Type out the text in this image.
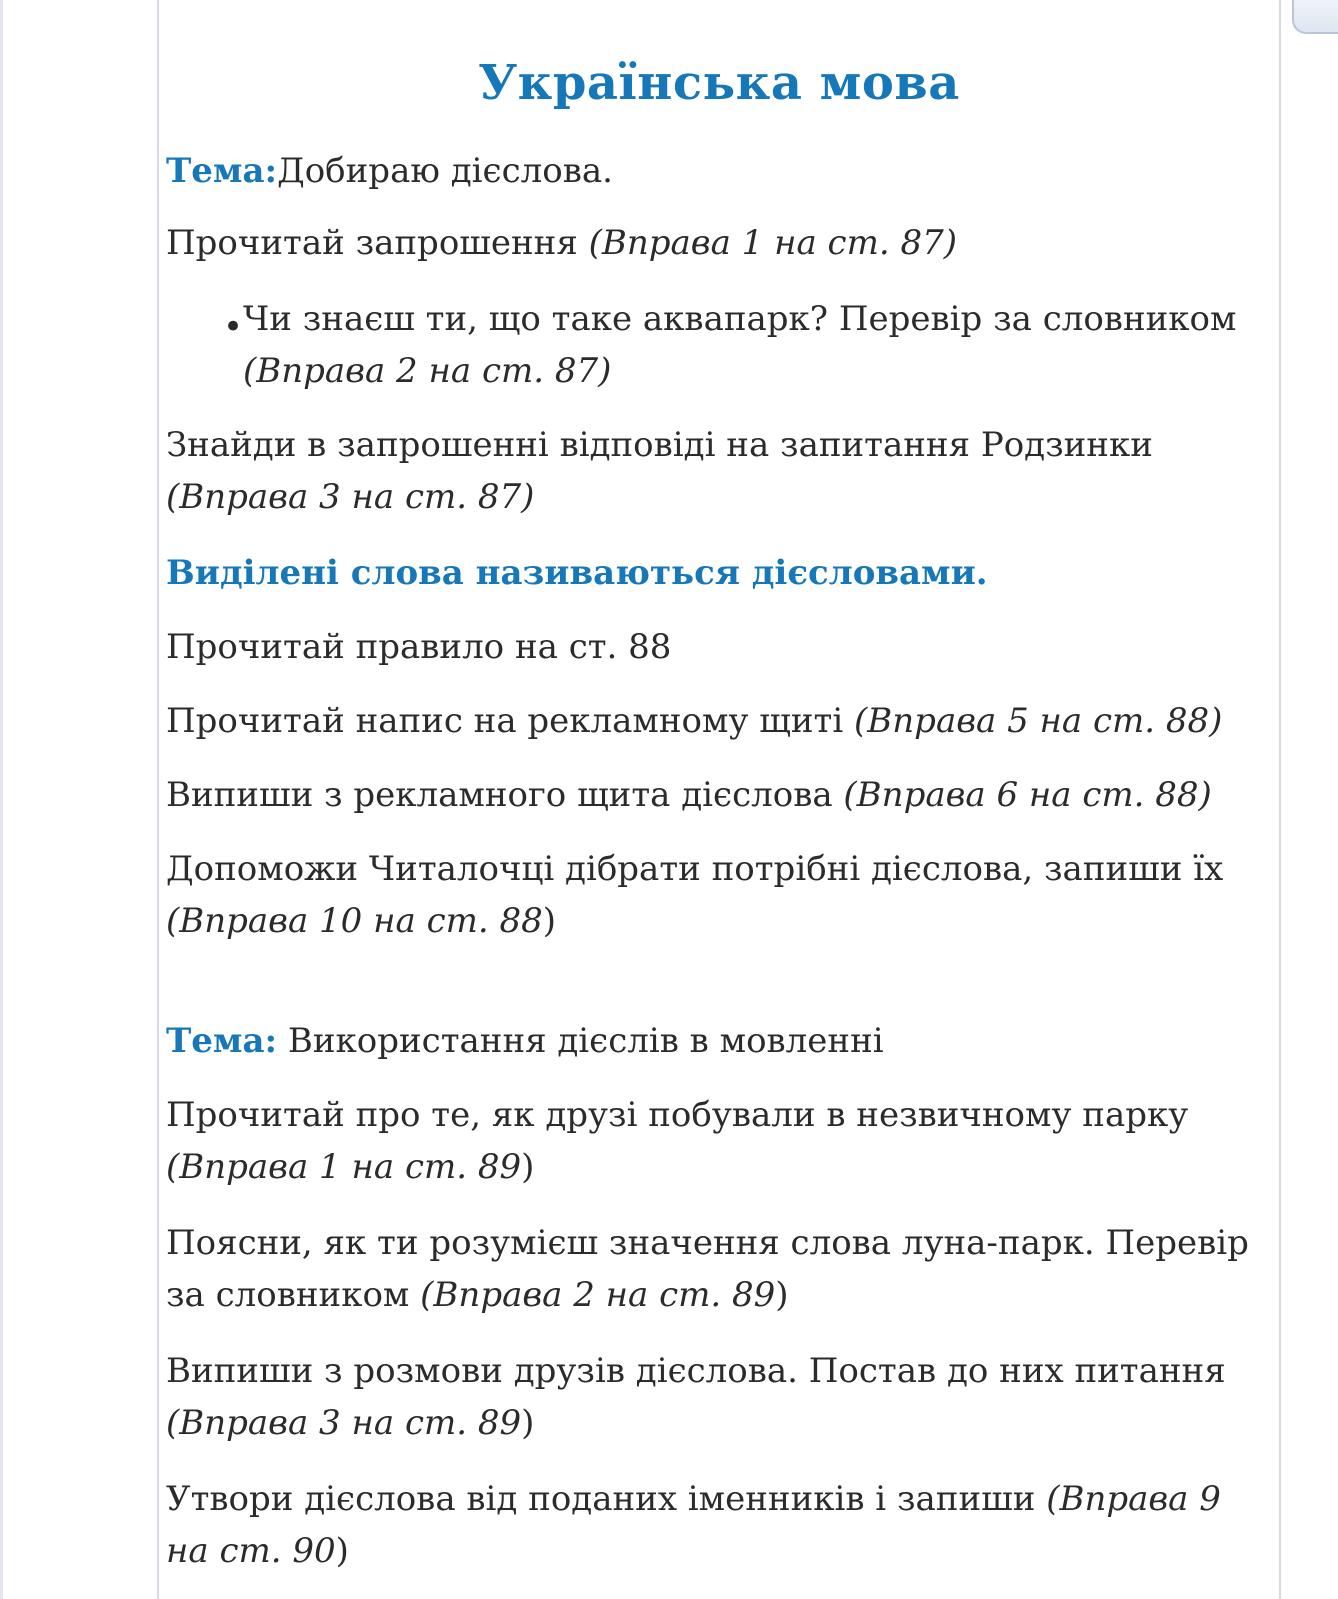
Українська мова
Тема:Добираю дієслова.
Прочитай запрошення (Вправа 1 на ст. 87)
• Чи знаєш ти, що таке аквапарк? Перевір за словником
(Вправа 2 на ст. 87)
Знайди в запрошенні відповіді на запитання Родзинки
(Вправа 3 на ст. 87)
Виділені слова називаються дієсловами.
Прочитай правило на ст. 88
Прочитай напис на рекламному щиті (Вправа 5 на ст. 88)
Випиши з рекламного щита дієслова (Вправа 6 на ст. 88)
Допоможи Читалочці дібрати потрібні дієслова, запиши їх
(Вправа 10 на ст. 88)
Тема: Використання дієслів в мовленні
Прочитай про те, як друзі побували в незвичному парку
(Вправа 1 на ст. 89)
Поясни, як ти розумієш значення слова луна-парк. Перевір
за словником (Вправа 2 на ст. 89)
Випиши з розмови друзів дієслова. Постав до них питання
(Вправа 3 на ст. 89)
Утвори дієслова від поданих іменників і запиши (Вправа 9
на ст. 90)
